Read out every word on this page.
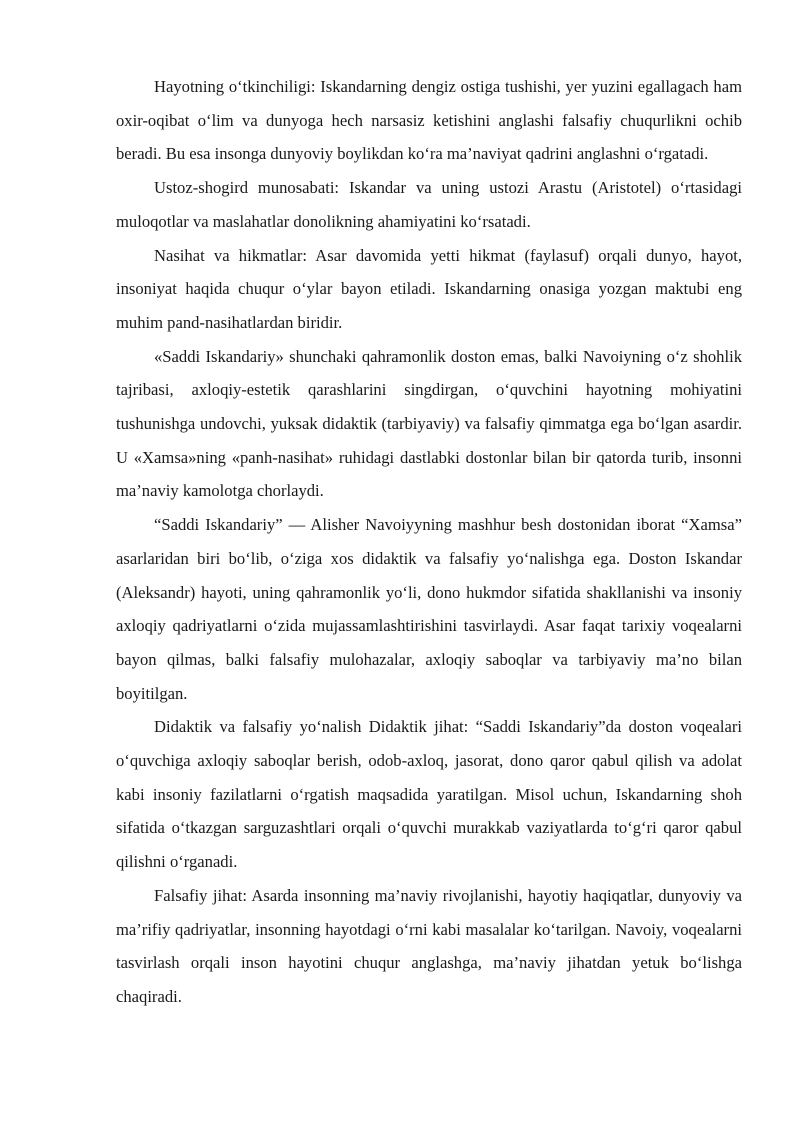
Hayotning o‘tkinchiligi: Iskandarning dengiz ostiga tushishi, yer yuzini egallagach ham oxir-oqibat o‘lim va dunyoga hech narsasiz ketishini anglashi falsafiy chuqurlikni ochib beradi. Bu esa insonga dunyoviy boylikdan ko‘ra ma’naviyat qadrini anglashni o‘rgatadi.

Ustoz-shogird munosabati: Iskandar va uning ustozi Arastu (Aristotel) o‘rtasidagi muloqotlar va maslahatlar donolikning ahamiyatini ko‘rsatadi.

Nasihat va hikmatlar: Asar davomida yetti hikmat (faylasuf) orqali dunyo, hayot, insoniyat haqida chuqur o‘ylar bayon etiladi. Iskandarning onasiga yozgan maktubi eng muhim pand-nasihatlardan biridir.

«Saddi Iskandariy» shunchaki qahramonlik doston emas, balki Navoiyning o‘z shohlik tajribasi, axloqiy-estetik qarashlarini singdirgan, o‘quvchini hayotning mohiyatini tushunishga undovchi, yuksak didaktik (tarbiyaviy) va falsafiy qimmatga ega bo‘lgan asardir. U «Xamsa»ning «panh-nasihat» ruhidagi dastlabki dostonlar bilan bir qatorda turib, insonni ma’naviy kamolotga chorlaydi.

“Saddi Iskandariy” — Alisher Navoiyyning mashhur besh dostonidan iborat “Xamsa” asarlaridan biri bo‘lib, o‘ziga xos didaktik va falsafiy yo‘nalishga ega. Doston Iskandar (Aleksandr) hayoti, uning qahramonlik yo‘li, dono hukmdor sifatida shakllanishi va insoniy axloqiy qadriyatlarni o‘zida mujassamlashtirishini tasvirlaydi. Asar faqat tarixiy voqealarni bayon qilmas, balki falsafiy mulohazalar, axloqiy saboqlar va tarbiyaviy ma’no bilan boyitilgan.

Didaktik va falsafiy yo‘nalish Didaktik jihat: “Saddi Iskandariy”da doston voqealari o‘quvchiga axloqiy saboqlar berish, odob-axloq, jasorat, dono qaror qabul qilish va adolat kabi insoniy fazilatlarni o‘rgatish maqsadida yaratilgan. Misol uchun, Iskandarning shoh sifatida o‘tkazgan sarguzashtlari orqali o‘quvchi murakkab vaziyatlarda to‘g‘ri qaror qabul qilishni o‘rganadi.

Falsafiy jihat: Asarda insonning ma’naviy rivojlanishi, hayotiy haqiqatlar, dunyoviy va ma’rifiy qadriyatlar, insonning hayotdagi o‘rni kabi masalalar ko‘tarilgan. Navoiy, voqealarni tasvirlash orqali inson hayotini chuqur anglashga, ma’naviy jihatdan yetuk bo‘lishga chaqiradi.
